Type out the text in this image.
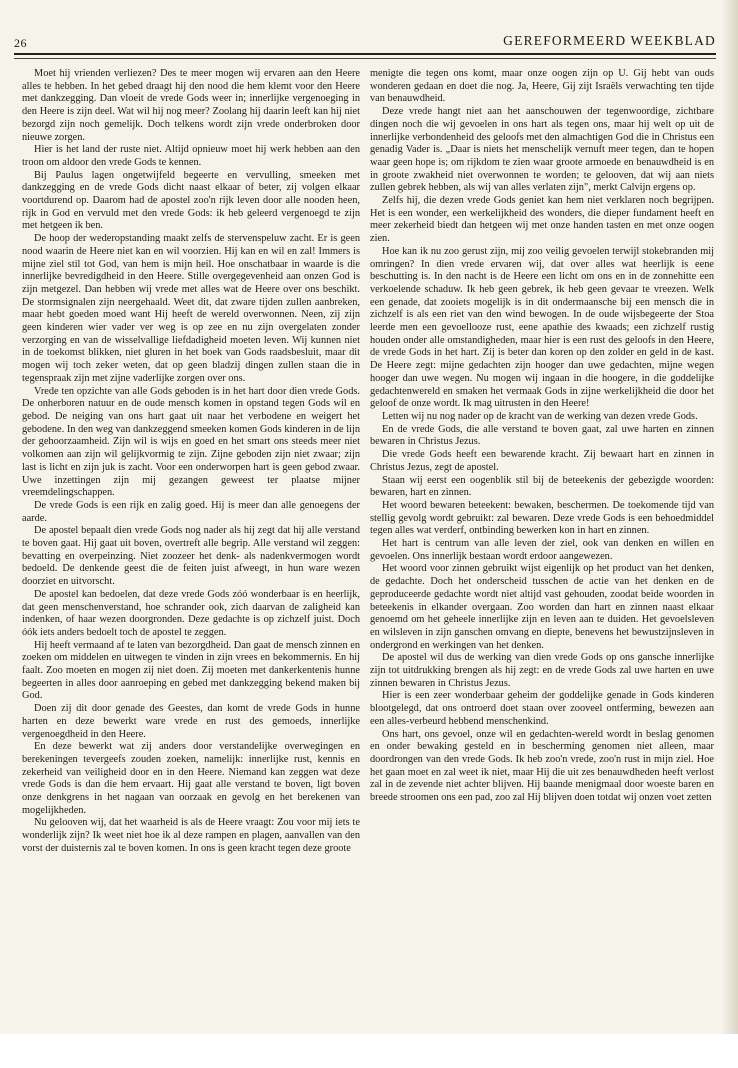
26	GEREFORMEERD WEEKBLAD

Moet hij vrienden verliezen? Des te meer mogen wij ervaren aan den Heere alles te hebben. In het gebed draagt hij den nood die hem klemt voor den Heere met dankzegging. Dan vloeit de vrede Gods weer in; innerlijke vergenoeging in den Heere is zijn deel. Wat wil hij nog meer? Zoolang hij daarin leeft kan hij niet bezorgd zijn noch gemelijk. Doch telkens wordt zijn vrede onderbroken door nieuwe zorgen.

Hier is het land der ruste niet. Altijd opnieuw moet hij werk hebben aan den troon om aldoor den vrede Gods te kennen.

Bij Paulus lagen ongetwijfeld begeerte en vervulling, smeeken met dankzegging en de vrede Gods dicht naast elkaar of beter, zij volgen elkaar voortdurend op. Daarom had de apostel zoo'n rijk leven door alle nooden heen, rijk in God en vervuld met den vrede Gods: ik heb geleerd vergenoegd te zijn met hetgeen ik ben.

De hoop der wederopstanding maakt zelfs de stervenspeluw zacht. Er is geen nood waarin de Heere niet kan en wil voorzien. Hij kan en wil en zal! Immers is mijne ziel stil tot God, van hem is mijn heil. Hoe onschatbaar in waarde is die innerlijke bevredigdheid in den Heere. Stille overgegevenheid aan onzen God is zijn metgezel. Dan hebben wij vrede met alles wat de Heere over ons beschikt. De stormsignalen zijn neergehaald. Weet dit, dat zware tijden zullen aanbreken, maar hebt goeden moed want Hij heeft de wereld overwonnen. Neen, zij zijn geen kinderen wier vader ver weg is op zee en nu zijn overgelaten zonder verzorging en van de wisselvallige liefdadigheid moeten leven. Wij kunnen niet in de toekomst blikken, niet gluren in het boek van Gods raadsbesluit, maar dit mogen wij toch zeker weten, dat op geen bladzij dingen zullen staan die in tegenspraak zijn met zijne vaderlijke zorgen over ons.

Vrede ten opzichte van alle Gods geboden is in het hart door dien vrede Gods. De onherboren natuur en de oude mensch komen in opstand tegen Gods wil en gebod. De neiging van ons hart gaat uit naar het verbodene en weigert het gebodene. In den weg van dankzeggend smeeken komen Gods kinderen in de lijn der gehoorzaamheid. Zijn wil is wijs en goed en het smart ons steeds meer niet volkomen aan zijn wil gelijkvormig te zijn. Zijne geboden zijn niet zwaar; zijn last is licht en zijn juk is zacht. Voor een onderworpen hart is geen gebod zwaar. Uwe inzettingen zijn mij gezangen geweest ter plaatse mijner vreemdelingschappen.

De vrede Gods is een rijk en zalig goed. Hij is meer dan alle genoegens der aarde.

De apostel bepaalt dien vrede Gods nog nader als hij zegt dat hij alle verstand te boven gaat. Hij gaat uit boven, overtreft alle begrip. Alle verstand wil zeggen: bevatting en overpeinzing. Niet zoozeer het denk- als nadenkvermogen wordt bedoeld. De denkende geest die de feiten juist afweegt, in hun ware wezen doorziet en uitvorscht.

De apostel kan bedoelen, dat deze vrede Gods zóó wonderbaar is en heerlijk, dat geen menschenverstand, hoe schrander ook, zich daarvan de zaligheid kan indenken, of haar wezen doorgronden. Deze gedachte is op zichzelf juist. Doch óók iets anders bedoelt toch de apostel te zeggen.

Hij heeft vermaand af te laten van bezorgdheid. Dan gaat de mensch zinnen en zoeken om middelen en uitwegen te vinden in zijn vrees en bekommernis. En hij faalt. Zoo moeten en mogen zij niet doen. Zij moeten met dankerkentenis hunne begeerten in alles door aanroeping en gebed met dankzegging bekend maken bij God.

Doen zij dit door genade des Geestes, dan komt de vrede Gods in hunne harten en deze bewerkt ware vrede en rust des gemoeds, innerlijke vergenoegdheid in den Heere.

En deze bewerkt wat zij anders door verstandelijke overwegingen en berekeningen tevergeefs zouden zoeken, namelijk: innerlijke rust, kennis en zekerheid van veiligheid door en in den Heere. Niemand kan zeggen wat deze vrede Gods is dan die hem ervaart. Hij gaat alle verstand te boven, ligt boven onze denkgrens in het nagaan van oorzaak en gevolg en het berekenen van mogelijkheden.

Nu gelooven wij, dat het waarheid is als de Heere vraagt: Zou voor mij iets te wonderlijk zijn? Ik weet niet hoe ik al deze rampen en plagen, aanvallen van den vorst der duisternis zal te boven komen. In ons is geen kracht tegen deze groote

menigte die tegen ons komt, maar onze oogen zijn op U. Gij hebt van ouds wonderen gedaan en doet die nog. Ja, Heere, Gij zijt Israëls verwachting ten tijde van benauwdheid.

Deze vrede hangt niet aan het aanschouwen der tegenwoordige, zichtbare dingen noch die wij gevoelen in ons hart als tegen ons, maar hij welt op uit de innerlijke verbondenheid des geloofs met den almachtigen God die in Christus een genadig Vader is. „Daar is niets het menschelijk vernuft meer tegen, dan te hopen waar geen hope is; om rijkdom te zien waar groote armoede en benauwdheid is en in groote zwakheid niet overwonnen te worden; te gelooven, dat wij aan niets zullen gebrek hebben, als wij van alles verlaten zijn", merkt Calvijn ergens op.

Zelfs hij, die dezen vrede Gods geniet kan hem niet verklaren noch begrijpen. Het is een wonder, een werkelijkheid des wonders, die dieper fundament heeft en meer zekerheid biedt dan hetgeen wij met onze handen tasten en met onze oogen zien.

Hoe kan ik nu zoo gerust zijn, mij zoo veilig gevoelen terwijl stokebranden mij omringen? In dien vrede ervaren wij, dat over alles wat heerlijk is eene beschutting is. In den nacht is de Heere een licht om ons en in de zonnehitte een verkoelende schaduw. Ik heb geen gebrek, ik heb geen gevaar te vreezen. Welk een genade, dat zooiets mogelijk is in dit ondermaansche bij een mensch die in zichzelf is als een riet van den wind bewogen. In de oude wijsbegeerte der Stoa leerde men een gevoellooze rust, eene apathie des kwaads; een zichzelf rustig houden onder alle omstandigheden, maar hier is een rust des geloofs in den Heere, de vrede Gods in het hart. Zij is beter dan koren op den zolder en geld in de kast. De Heere zegt: mijne gedachten zijn hooger dan uwe gedachten, mijne wegen hooger dan uwe wegen. Nu mogen wij ingaan in die hoogere, in die goddelijke gedachtenwereld en smaken het vermaak Gods in zijne werkelijkheid die door het geloof de onze wordt. Ik mag uitrusten in den Heere!

Letten wij nu nog nader op de kracht van de werking van dezen vrede Gods.

En de vrede Gods, die alle verstand te boven gaat, zal uwe harten en zinnen bewaren in Christus Jezus.

Die vrede Gods heeft een bewarende kracht. Zij bewaart hart en zinnen in Christus Jezus, zegt de apostel.

Staan wij eerst een oogenblik stil bij de beteekenis der gebezigde woorden: bewaren, hart en zinnen.

Het woord bewaren beteekent: bewaken, beschermen. De toekomende tijd van stellig gevolg wordt gebruikt: zal bewaren. Deze vrede Gods is een behoedmiddel tegen alles wat verderf, ontbinding bewerken kon in hart en zinnen.

Het hart is centrum van alle leven der ziel, ook van denken en willen en gevoelen. Ons innerlijk bestaan wordt erdoor aangewezen.

Het woord voor zinnen gebruikt wijst eigenlijk op het product van het denken, de gedachte. Doch het onderscheid tusschen de actie van het denken en de geproduceerde gedachte wordt niet altijd vast gehouden, zoodat beide woorden in beteekenis in elkander overgaan. Zoo worden dan hart en zinnen naast elkaar genoemd om het geheele innerlijke zijn en leven aan te duiden. Het gevoelsleven en wilsleven in zijn ganschen omvang en diepte, benevens het bewustzijnsleven in ondergrond en werkingen van het denken.

De apostel wil dus de werking van dien vrede Gods op ons gansche innerlijke zijn tot uitdrukking brengen als hij zegt: en de vrede Gods zal uwe harten en uwe zinnen bewaren in Christus Jezus.

Hier is een zeer wonderbaar geheim der goddelijke genade in Gods kinderen blootgelegd, dat ons ontroerd doet staan over zooveel ontferming, bewezen aan een alles-verbeurd hebbend menschenkind.

Ons hart, ons gevoel, onze wil en gedachten-wereld wordt in beslag genomen en onder bewaking gesteld en in bescherming genomen niet alleen, maar doordrongen van den vrede Gods. Ik heb zoo'n vrede, zoo'n rust in mijn ziel. Hoe het gaan moet en zal weet ik niet, maar Hij die uit zes benauwdheden heeft verlost zal in de zevende niet achter blijven. Hij baande menigmaal door woeste baren en breede stroomen ons een pad, zoo zal Hij blijven doen totdat wij onzen voet zetten
